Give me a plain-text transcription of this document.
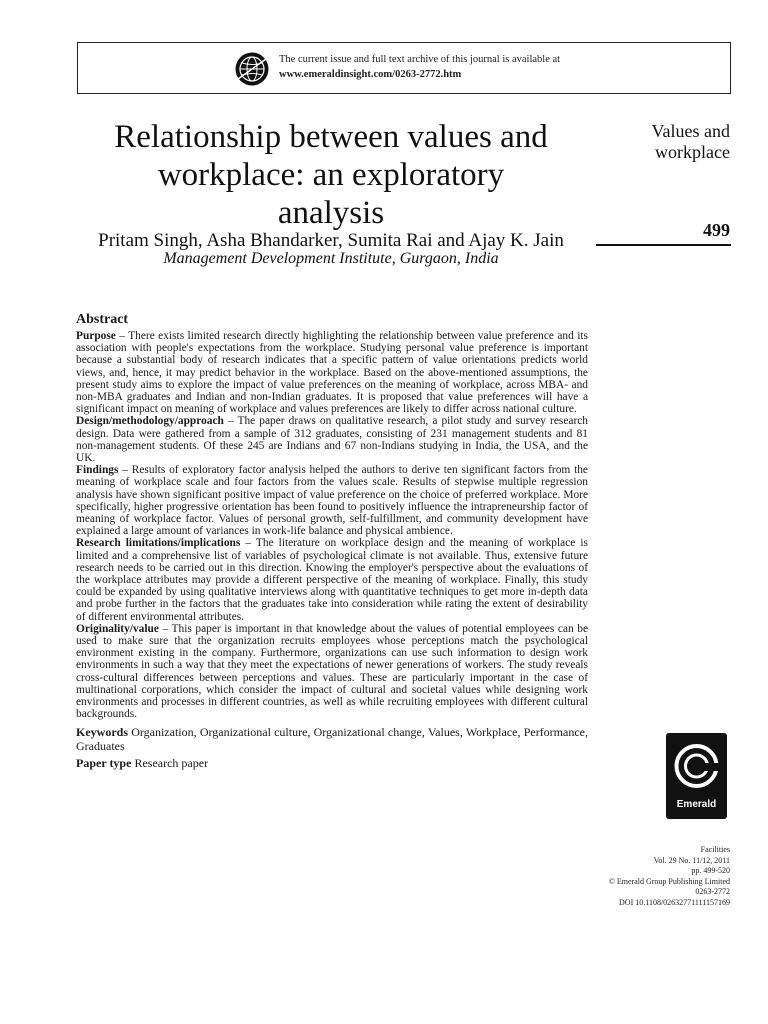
The current issue and full text archive of this journal is available at
www.emeraldinsight.com/0263-2772.htm
Relationship between values and
workplace: an exploratory
analysis
Pritam Singh, Asha Bhandarker, Sumita Rai and Ajay K. Jain
Management Development Institute, Gurgaon, India
Values and
workplace
499
Abstract

Purpose – There exists limited research directly highlighting the relationship between value preference and its association with people's expectations from the workplace. Studying personal value preference is important because a substantial body of research indicates that a specific pattern of value orientations predicts world views, and, hence, it may predict behavior in the workplace. Based on the above-mentioned assumptions, the present study aims to explore the impact of value preferences on the meaning of workplace, across MBA- and non-MBA graduates and Indian and non-Indian graduates. It is proposed that value preferences will have a significant impact on meaning of workplace and values preferences are likely to differ across national culture.

Design/methodology/approach – The paper draws on qualitative research, a pilot study and survey research design. Data were gathered from a sample of 312 graduates, consisting of 231 management students and 81 non-management students. Of these 245 are Indians and 67 non-Indians studying in India, the USA, and the UK.

Findings – Results of exploratory factor analysis helped the authors to derive ten significant factors from the meaning of workplace scale and four factors from the values scale. Results of stepwise multiple regression analysis have shown significant positive impact of value preference on the choice of preferred workplace. More specifically, higher progressive orientation has been found to positively influence the intrapreneurship factor of meaning of workplace factor. Values of personal growth, self-fulfillment, and community development have explained a large amount of variances in work-life balance and physical ambience.

Research limitations/implications – The literature on workplace design and the meaning of workplace is limited and a comprehensive list of variables of psychological climate is not available. Thus, extensive future research needs to be carried out in this direction. Knowing the employer's perspective about the evaluations of the workplace attributes may provide a different perspective of the meaning of workplace. Finally, this study could be expanded by using qualitative interviews along with quantitative techniques to get more in-depth data and probe further in the factors that the graduates take into consideration while rating the extent of desirability of different environmental attributes.

Originality/value – This paper is important in that knowledge about the values of potential employees can be used to make sure that the organization recruits employees whose perceptions match the psychological environment existing in the company. Furthermore, organizations can use such information to design work environments in such a way that they meet the expectations of newer generations of workers. The study reveals cross-cultural differences between perceptions and values. These are particularly important in the case of multinational corporations, which consider the impact of cultural and societal values while designing work environments and processes in different countries, as well as while recruiting employees with different cultural backgrounds.

Keywords Organization, Organizational culture, Organizational change, Values, Workplace, Performance, Graduates

Paper type Research paper

Emerald
Facilities
Vol. 29 No. 11/12, 2011
pp. 499-520
© Emerald Group Publishing Limited
0263-2772
DOI 10.1108/02632771111157169
